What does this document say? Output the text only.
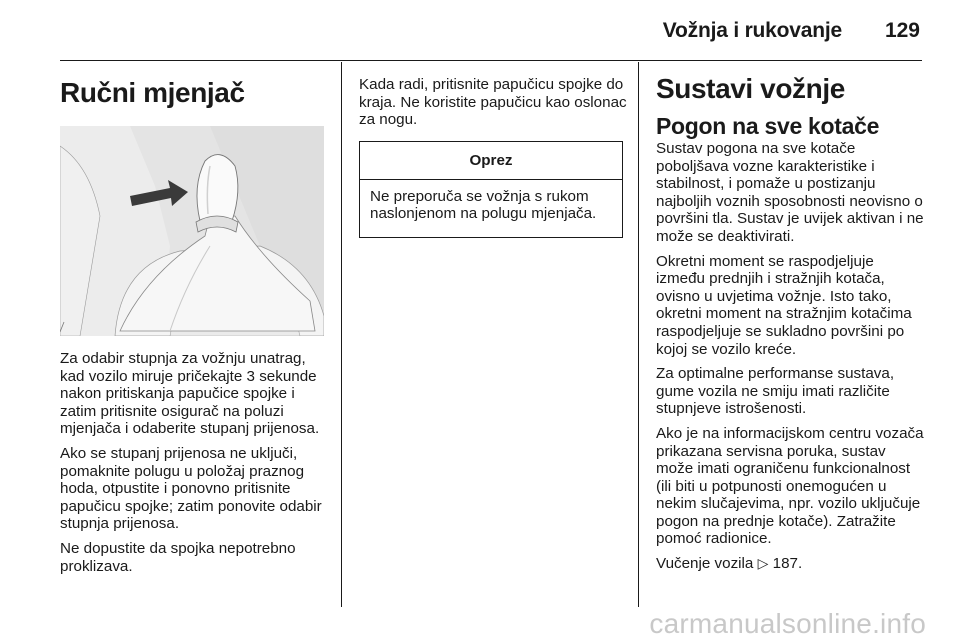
Vožnja i rukovanje 129
Ručni mjenjač

Za odabir stupnja za vožnju unatrag, kad vozilo miruje pričekajte 3 sekunde nakon pritiskanja papučice spojke i zatim pritisnite osigurač na poluzi mjenjača i odaberite stupanj prijenosa.

Ako se stupanj prijenosa ne uključi, pomaknite polugu u položaj praznog hoda, otpustite i ponovno pritisnite papučicu spojke; zatim ponovite odabir stupnja prijenosa.

Ne dopustite da spojka nepotrebno proklizava.

Kada radi, pritisnite papučicu spojke do kraja. Ne koristite papučicu kao oslonac za nogu.

Oprez
Ne preporuča se vožnja s rukom naslonjenom na polugu mjenjača.
Sustavi vožnje
Pogon na sve kotače

Sustav pogona na sve kotače poboljšava vozne karakteristike i stabilnost, i pomaže u postizanju najboljih voznih sposobnosti neovisno o površini tla. Sustav je uvijek aktivan i ne može se deaktivirati.

Okretni moment se raspodjeljuje između prednjih i stražnjih kotača, ovisno u uvjetima vožnje. Isto tako, okretni moment na stražnjim kotačima raspodjeljuje se sukladno površini po kojoj se vozilo kreće.

Za optimalne performanse sustava, gume vozila ne smiju imati različite stupnjeve istrošenosti.

Ako je na informacijskom centru vozača prikazana servisna poruka, sustav može imati ograničenu funkcionalnost (ili biti u potpunosti onemogućen u nekim slučajevima, npr. vozilo uključuje pogon na prednje kotače). Zatražite pomoć radionice.

Vučenje vozila ▷ 187.

carmanualsonline.info
